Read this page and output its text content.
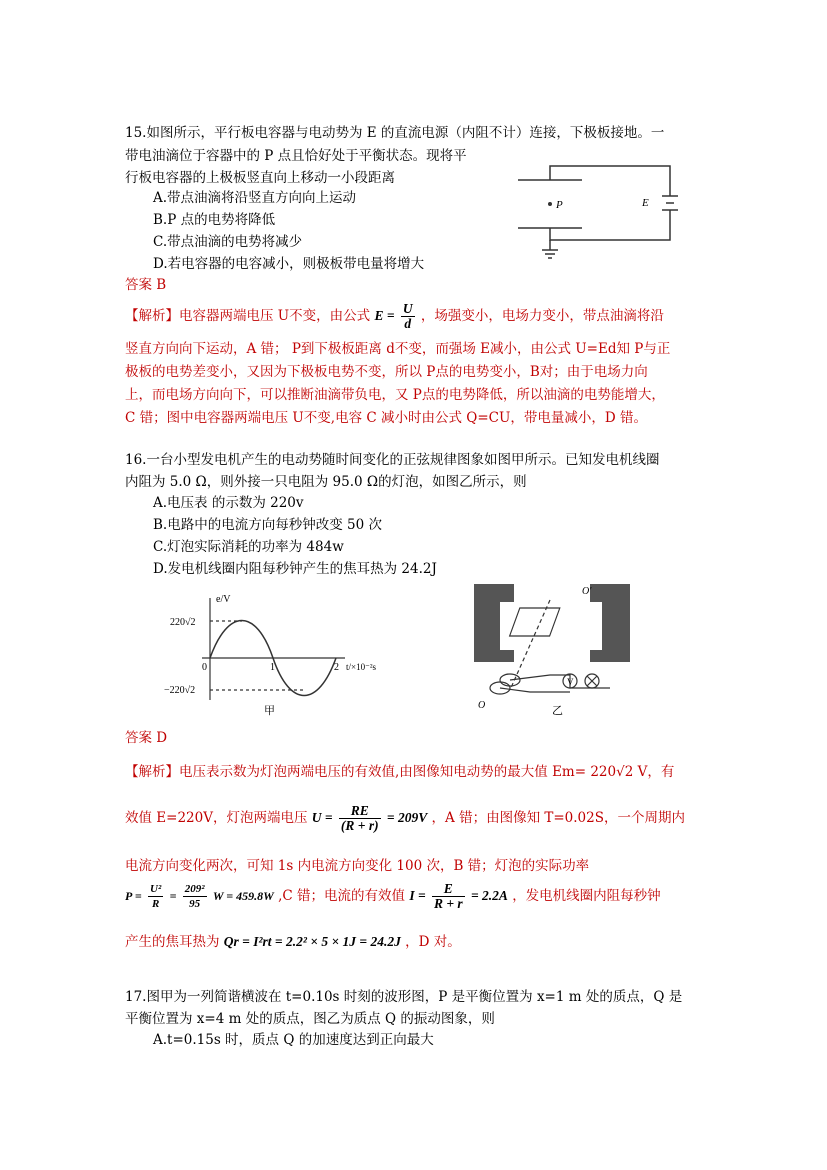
15.如图所示，平行板电容器与电动势为 E 的直流电源（内阻不计）连接，下极板接地。一
带电油滴位于容器中的 P 点且恰好处于平衡状态。现将平
行板电容器的上极板竖直向上移动一小段距离
A.带点油滴将沿竖直方向向上运动
B.P 点的电势将降低
C.带点油滴的电势将减少
D.若电容器的电容减小，则极板带电量将增大
答案 B
P	E
【解析】电容器两端电压 U不变，由公式 $E = \frac{U}{d}$ ，场强变小，电场力变小，带点油滴将沿
竖直方向向下运动，A 错； P到下极板距离 d不变，而强场 E减小，由公式 U=Ed知 P与正
极板的电势差变小，又因为下极板电势不变，所以 P点的电势变小，B对；由于电场力向
上，而电场方向向下，可以推断油滴带负电，又 P点的电势降低，所以油滴的电势能增大，
C 错；图中电容器两端电压 U不变,电容 C 减小时由公式 Q=CU，带电量减小，D 错。
16.一台小型发电机产生的电动势随时间变化的正弦规律图象如图甲所示。已知发电机线圈
内阻为 5.0 Ω，则外接一只电阻为 95.0 Ω的灯泡，如图乙所示，则
A.电压表 的示数为 220v
B.电路中的电流方向每秒钟改变 50 次
C.灯泡实际消耗的功率为 484w
D.发电机线圈内阻每秒钟产生的焦耳热为 24.2J
e/V
220√2
−220√2
0	1	2 t/×10⁻²s
甲
V
O'
O	乙
答案 D
【解析】电压表示数为灯泡两端电压的有效值,由图像知电动势的最大值 Em= 220√2 V，有
效值 E=220V，灯泡两端电压 $U = \frac{RE}{(R + r)} = 209V$ ，A 错；由图像知 T=0.02S，一个周期内
电流方向变化两次，可知 1s 内电流方向变化 100 次，B 错；灯泡的实际功率
$P = \frac{\text{U²}}{R} = \frac{\text{209²}}{95}$ W = 459.8W ,C 错；电流的有效值 $I = \frac{E}{R + r} = 2.2A$ ，发电机线圈内阻每秒钟
产生的焦耳热为 Qr = I²rt = 2.2² × 5 × 1J = 24.2J ，D 对。
17.图甲为一列简谐横波在 t=0.10s 时刻的波形图，P 是平衡位置为 x=1 m 处的质点，Q 是
平衡位置为 x=4 m 处的质点，图乙为质点 Q 的振动图象，则
A.t=0.15s 时，质点 Q 的加速度达到正向最大
